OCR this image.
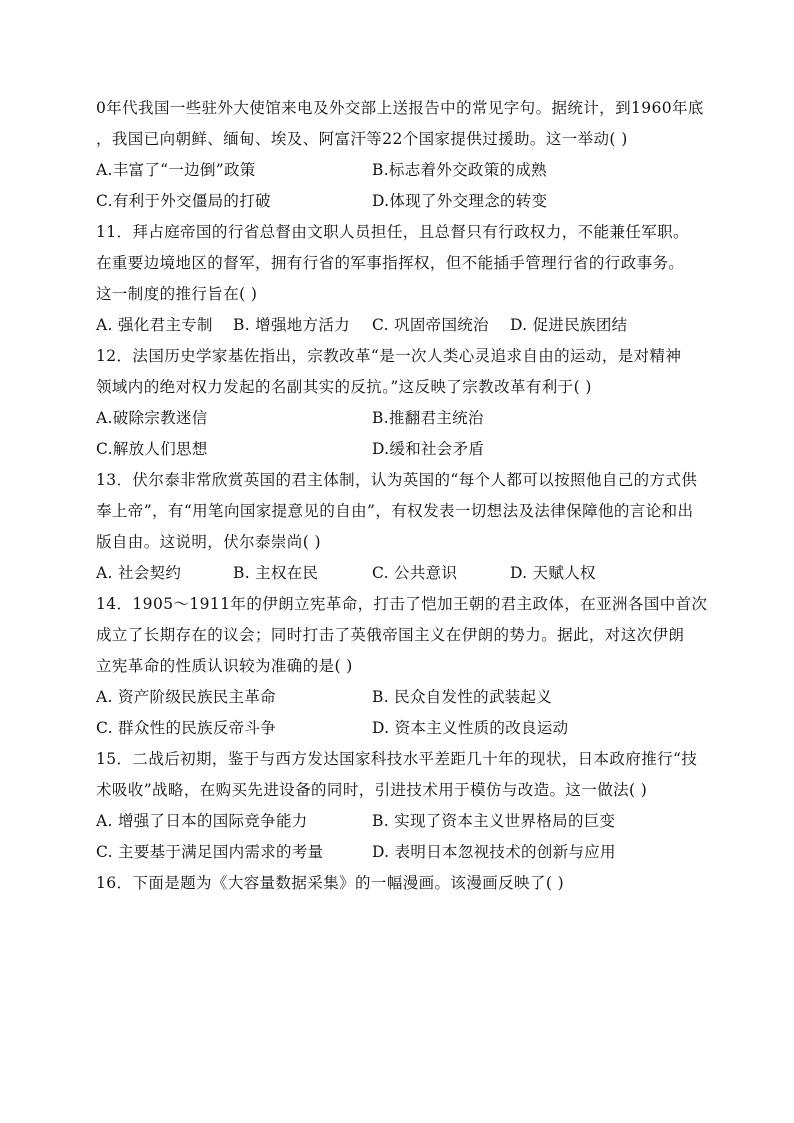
0年代我国一些驻外大使馆来电及外交部上送报告中的常见字句。据统计，到1960年底
，我国已向朝鲜、缅甸、埃及、阿富汗等22个国家提供过援助。这一举动( )
A.丰富了“一边倒”政策	B.标志着外交政策的成熟
C.有利于外交僵局的打破	D.体现了外交理念的转变
11．拜占庭帝国的行省总督由文职人员担任，且总督只有行政权力，不能兼任军职。
在重要边境地区的督军，拥有行省的军事指挥权，但不能插手管理行省的行政事务。
这一制度的推行旨在( )
A. 强化君主专制 B. 增强地方活力 C. 巩固帝国统治 D. 促进民族团结
12．法国历史学家基佐指出，宗教改革“是一次人类心灵追求自由的运动，是对精神
领域内的绝对权力发起的名副其实的反抗。”这反映了宗教改革有利于( )
A.破除宗教迷信	B.推翻君主统治
C.解放人们思想	D.缓和社会矛盾
13．伏尔泰非常欣赏英国的君主体制，认为英国的“每个人都可以按照他自己的方式供
奉上帝”，有“用笔向国家提意见的自由”，有权发表一切想法及法律保障他的言论和出
版自由。这说明，伏尔泰崇尚( )
A. 社会契约	B. 主权在民	C. 公共意识	D. 天赋人权
14．1905～1911年的伊朗立宪革命，打击了恺加王朝的君主政体，在亚洲各国中首次
成立了长期存在的议会；同时打击了英俄帝国主义在伊朗的势力。据此，对这次伊朗
立宪革命的性质认识较为准确的是( )
A. 资产阶级民族民主革命	B. 民众自发性的武装起义
C. 群众性的民族反帝斗争	D. 资本主义性质的改良运动
15．二战后初期，鉴于与西方发达国家科技水平差距几十年的现状，日本政府推行“技
术吸收”战略，在购买先进设备的同时，引进技术用于模仿与改造。这一做法( )
A. 增强了日本的国际竞争能力	B. 实现了资本主义世界格局的巨变
C. 主要基于满足国内需求的考量	D. 表明日本忽视技术的创新与应用
16．下面是题为《大容量数据采集》的一幅漫画。该漫画反映了( )
